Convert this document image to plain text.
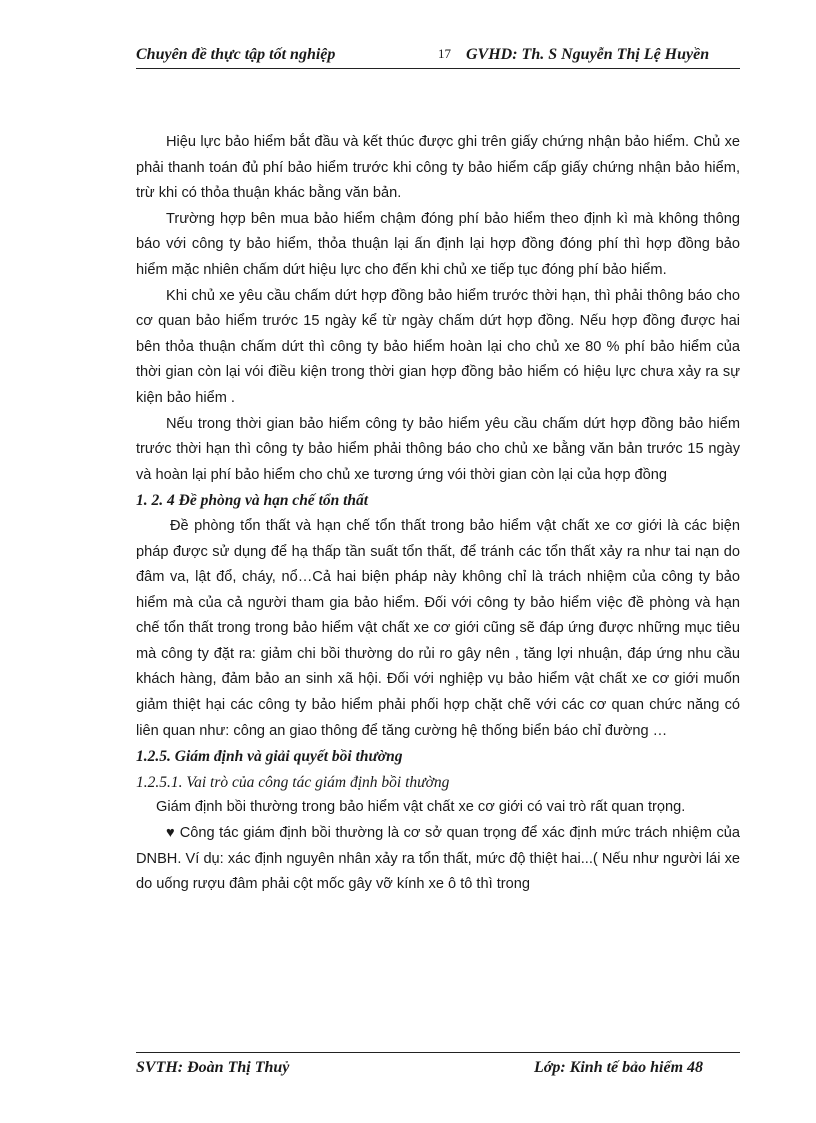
Chuyên đề thực tập tốt nghiệp	17 GVHD: Th. S Nguyễn Thị Lệ Huyền

Hiệu lực bảo hiểm bắt đầu và kết thúc được ghi trên giấy chứng nhận bảo hiểm. Chủ xe phải thanh toán đủ phí bảo hiểm trước khi công ty bảo hiểm cấp giấy chứng nhận bảo hiểm, trừ khi có thỏa thuận khác bằng văn bản.

Trường hợp bên mua bảo hiểm chậm đóng phí bảo hiểm theo định kì mà không thông báo với công ty bảo hiểm, thỏa thuận lại ấn định lại hợp đồng đóng phí thì hợp đồng bảo hiểm mặc nhiên chấm dứt hiệu lực cho đến khi chủ xe tiếp tục đóng phí bảo hiểm.

Khi chủ xe yêu cầu chấm dứt hợp đồng bảo hiểm trước thời hạn, thì phải thông báo cho cơ quan bảo hiểm trước 15 ngày kể từ ngày chấm dứt hợp đồng. Nếu hợp đồng được hai bên thỏa thuận chấm dứt thì công ty bảo hiểm hoàn lại cho chủ xe 80 % phí bảo hiểm của thời gian còn lại vói điều kiện trong thời gian hợp đồng bảo hiểm có hiệu lực chưa xảy ra sự kiện bảo hiểm .

Nếu trong thời gian bảo hiểm công ty bảo hiểm yêu cầu chấm dứt hợp đồng bảo hiểm trước thời hạn thì công ty bảo hiểm phải thông báo cho chủ xe bằng văn bản trước 15 ngày và hoàn lại phí bảo hiểm cho chủ xe tương ứng vói thời gian còn lại của hợp đồng

1. 2. 4 Đề phòng và hạn chế tổn thất

Đề phòng tổn thất và hạn chế tổn thất trong bảo hiểm vật chất xe cơ giới là các biện pháp được sử dụng để hạ thấp tần suất tổn thất, để tránh các tổn thất xảy ra như tai nạn do đâm va, lật đổ, cháy, nổ…Cả hai biện pháp này không chỉ là trách nhiệm của công ty bảo hiểm mà của cả người tham gia bảo hiểm. Đối với công ty bảo hiểm việc đề phòng và hạn chế tổn thất trong trong bảo hiểm vật chất xe cơ giới cũng sẽ đáp ứng được những mục tiêu mà công ty đặt ra: giảm chi bồi thường do rủi ro gây nên , tăng lợi nhuận, đáp ứng nhu cầu khách hàng, đảm bảo an sinh xã hội. Đối với nghiệp vụ bảo hiểm vật chất xe cơ giới muốn giảm thiệt hại các công ty bảo hiểm phải phối hợp chặt chẽ với các cơ quan chức năng có liên quan như: công an giao thông để tăng cường hệ thống biển báo chỉ đường …

1.2.5. Giám định và giải quyết bồi thường

1.2.5.1. Vai trò của công tác giám định bồi thường

Giám định bồi thường trong bảo hiểm vật chất xe cơ giới có vai trò rất quan trọng.

♥ Công tác giám định bồi thường là cơ sở quan trọng để xác định mức trách nhiệm của DNBH. Ví dụ: xác định nguyên nhân xảy ra tổn thất, mức độ thiệt hai...( Nếu như người lái xe do uống rượu đâm phải cột mốc gây vỡ kính xe ô tô thì trong

SVTH: Đoàn Thị Thuỷ	Lớp: Kinh tế bảo hiểm 48
